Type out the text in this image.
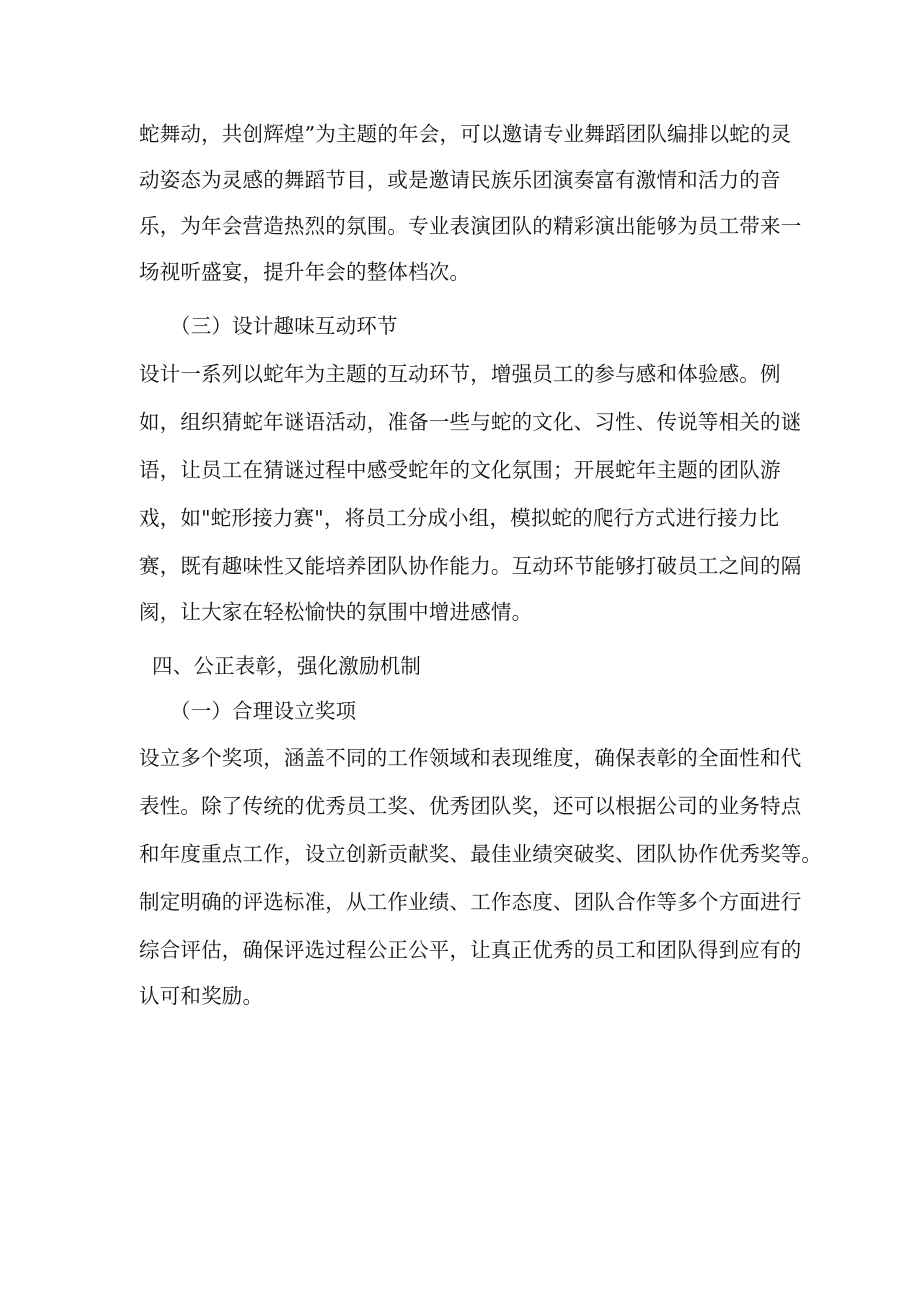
蛇舞动，共创辉煌”为主题的年会，可以邀请专业舞蹈团队编排以蛇的灵
动姿态为灵感的舞蹈节目，或是邀请民族乐团演奏富有激情和活力的音
乐，为年会营造热烈的氛围。专业表演团队的精彩演出能够为员工带来一
场视听盛宴，提升年会的整体档次。
（三）设计趣味互动环节
设计一系列以蛇年为主题的互动环节，增强员工的参与感和体验感。例
如，组织猜蛇年谜语活动，准备一些与蛇的文化、习性、传说等相关的谜
语，让员工在猜谜过程中感受蛇年的文化氛围；开展蛇年主题的团队游
戏，如"蛇形接力赛"，将员工分成小组，模拟蛇的爬行方式进行接力比
赛，既有趣味性又能培养团队协作能力。互动环节能够打破员工之间的隔
阂，让大家在轻松愉快的氛围中增进感情。
四、公正表彰，强化激励机制
（一）合理设立奖项
设立多个奖项，涵盖不同的工作领域和表现维度，确保表彰的全面性和代
表性。除了传统的优秀员工奖、优秀团队奖，还可以根据公司的业务特点
和年度重点工作，设立创新贡献奖、最佳业绩突破奖、团队协作优秀奖等。
制定明确的评选标准，从工作业绩、工作态度、团队合作等多个方面进行
综合评估，确保评选过程公正公平，让真正优秀的员工和团队得到应有的
认可和奖励。
